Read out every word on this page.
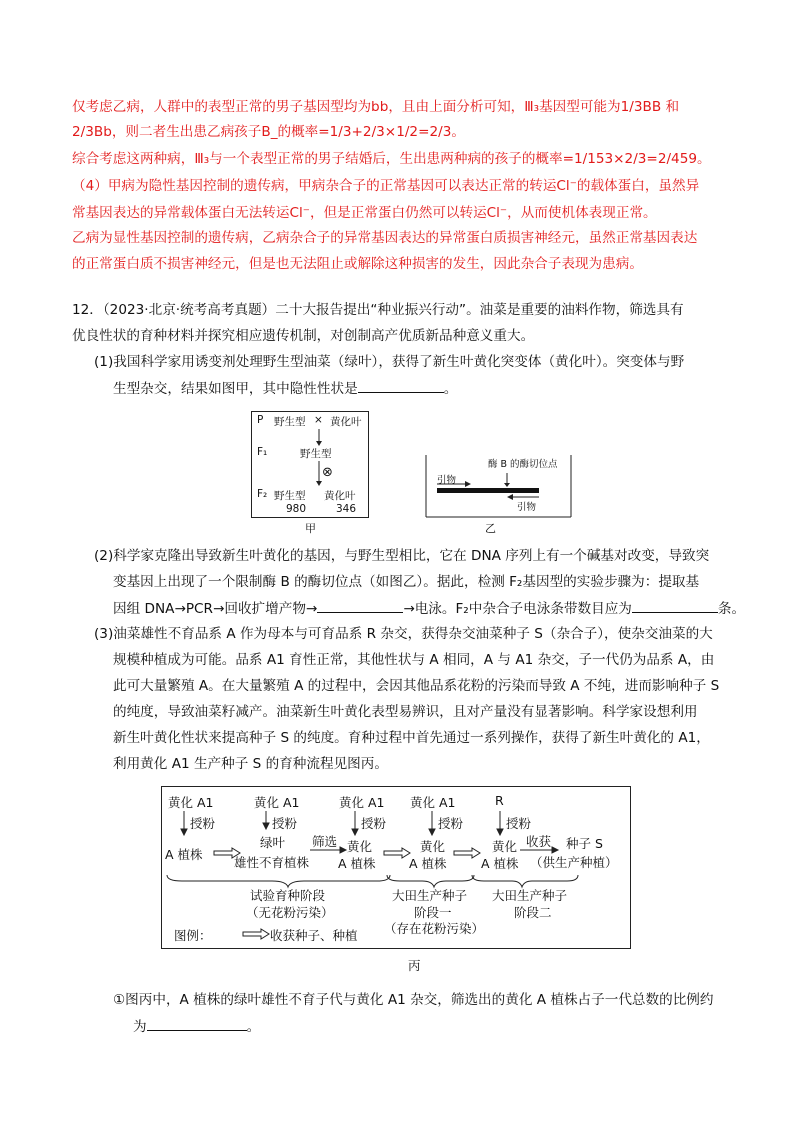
仅考虑乙病，人群中的表型正常的男子基因型均为bb，且由上面分析可知，Ⅲ₃基因型可能为1/3BB 和
2/3Bb，则二者生出患乙病孩子B_的概率=1/3+2/3×1/2=2/3。
综合考虑这两种病，Ⅲ₃与一个表型正常的男子结婚后，生出患两种病的孩子的概率=1/153×2/3=2/459。
（4）甲病为隐性基因控制的遗传病，甲病杂合子的正常基因可以表达正常的转运Cl⁻的载体蛋白，虽然异
常基因表达的异常载体蛋白无法转运Cl⁻，但是正常蛋白仍然可以转运Cl⁻，从而使机体表现正常。
乙病为显性基因控制的遗传病，乙病杂合子的异常基因表达的异常蛋白质损害神经元，虽然正常基因表达
的正常蛋白质不损害神经元，但是也无法阻止或解除这种损害的发生，因此杂合子表现为患病。
12．（2023·北京·统考高考真题）二十大报告提出“种业振兴行动”。油菜是重要的油料作物，筛选具有
优良性状的育种材料并探究相应遗传机制，对创制高产优质新品种意义重大。
(1)我国科学家用诱变剂处理野生型油菜（绿叶），获得了新生叶黄化突变体（黄化叶）。突变体与野
生型杂交，结果如图甲，其中隐性性状是	。
P 野生型 × 黄化叶
F₁	野生型
⊗
F₂ 野生型 黄化叶
980	346
甲
引物
酶 B 的酶切位点
引物
乙
(2)科学家克隆出导致新生叶黄化的基因，与野生型相比，它在 DNA 序列上有一个碱基对改变，导致突
变基因上出现了一个限制酶 B 的酶切位点（如图乙）。据此，检测 F₂基因型的实验步骤为：提取基
因组 DNA→PCR→回收扩增产物→	→电泳。F₂中杂合子电泳条带数目应为	条。
(3)油菜雄性不育品系 A 作为母本与可育品系 R 杂交，获得杂交油菜种子 S（杂合子），使杂交油菜的大
规模种植成为可能。品系 A1 育性正常，其他性状与 A 相同，A 与 A1 杂交，子一代仍为品系 A，由
此可大量繁殖 A。在大量繁殖 A 的过程中，会因其他品系花粉的污染而导致 A 不纯，进而影响种子 S
的纯度，导致油菜籽减产。油菜新生叶黄化表型易辨识，且对产量没有显著影响。科学家设想利用
新生叶黄化性状来提高种子 S 的纯度。育种过程中首先通过一系列操作，获得了新生叶黄化的 A1，
利用黄化 A1 生产种子 S 的育种流程见图丙。
黄化 A1	黄化 A1	黄化 A1 黄化 A1	R
授粉	授粉	授粉	授粉	授粉
A 植株
绿叶
雄性不育植株
筛选 黄化
A 植株
黄化
A 植株
黄化
A 植株
收获 种子 S
（供生产种植）
试验育种阶段
（无花粉污染）
大田生产种子
阶段一
（存在花粉污染）
大田生产种子
阶段二
图例：	收获种子、种植
丙
①图丙中，A 植株的绿叶雄性不育子代与黄化 A1 杂交，筛选出的黄化 A 植株占子一代总数的比例约
为	。
